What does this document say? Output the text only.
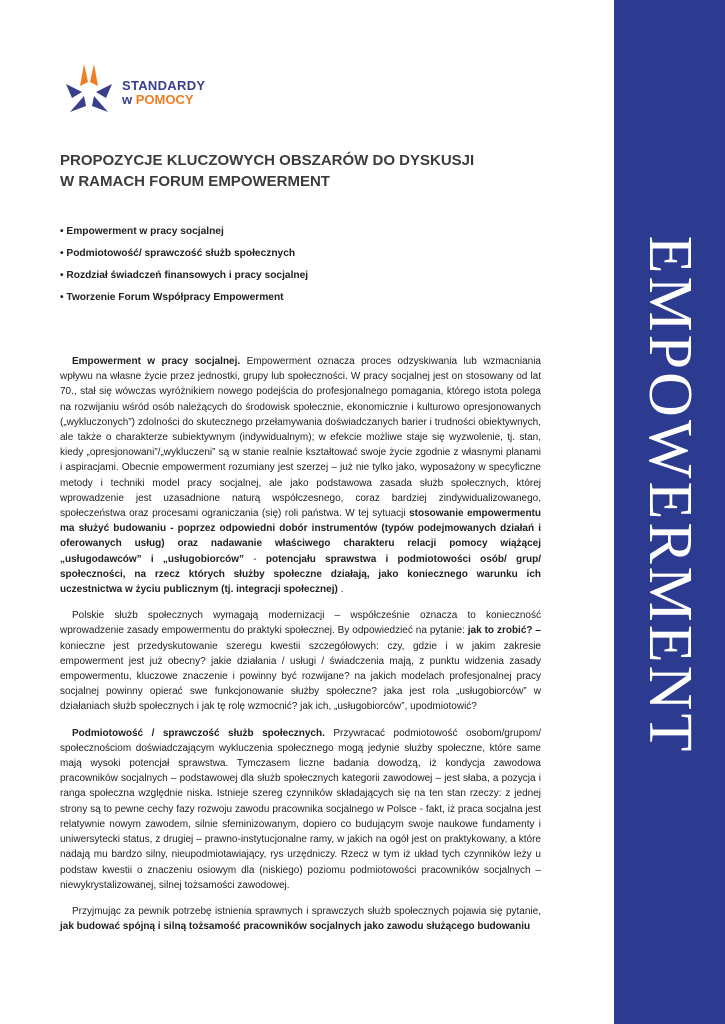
EMPOWERMENT
STANDARDY
w POMOCY
PROPOZYCJE KLUCZOWYCH OBSZARÓW DO DYSKUSJI
W RAMACH FORUM EMPOWERMENT
• Empowerment w pracy socjalnej
• Podmiotowość/ sprawczość służb społecznych
• Rozdział świadczeń finansowych i pracy socjalnej
• Tworzenie Forum Współpracy Empowerment

Empowerment w pracy socjalnej. Empowerment oznacza proces odzyskiwania lub wzmacniania wpływu na własne życie przez jednostki, grupy lub społeczności. W pracy socjalnej jest on stosowany od lat 70., stał się wówczas wyróżnikiem nowego podejścia do profesjonalnego pomagania, którego istota polega na rozwijaniu wśród osób należących do środowisk społecznie, ekonomicznie i kulturowo opresjonowanych („wykluczonych”) zdolności do skutecznego przełamywania doświadczanych barier i trudności obiektywnych, ale także o charakterze subiektywnym (indywidualnym); w efekcie możliwe staje się wyzwolenie, tj. stan, kiedy „opresjonowani”/„wykluczeni” są w stanie realnie kształtować swoje życie zgodnie z własnymi planami i aspiracjami. Obecnie empowerment rozumiany jest szerzej – już nie tylko jako, wyposażony w specyficzne metody i techniki model pracy socjalnej, ale jako podstawowa zasada służb społecznych, której wprowadzenie jest uzasadnione naturą współczesnego, coraz bardziej zindywidualizowanego, społeczeństwa oraz procesami ograniczania (się) roli państwa. W tej sytuacji stosowanie empowermentu ma służyć budowaniu - poprzez odpowiedni dobór instrumentów (typów podejmowanych działań i oferowanych usług) oraz nadawanie właściwego charakteru relacji pomocy wiążącej „usługodawców” i „usługobiorców” - potencjału sprawstwa i podmiotowości osób/ grup/ społeczności, na rzecz których służby społeczne działają, jako koniecznego warunku ich uczestnictwa w życiu publicznym (tj. integracji społecznej) .

Polskie służb społecznych wymagają modernizacji – współcześnie oznacza to konieczność wprowadzenie zasady empowermentu do praktyki społecznej. By odpowiedzieć na pytanie: jak to zrobić? – konieczne jest przedyskutowanie szeregu kwestii szczegółowych: czy, gdzie i w jakim zakresie empowerment jest już obecny? jakie działania / usługi / świadczenia mają, z punktu widzenia zasady empowermentu, kluczowe znaczenie i powinny być rozwijane? na jakich modelach profesjonalnej pracy socjalnej powinny opierać swe funkcjonowanie służby społeczne? jaka jest rola „usługobiorców” w działaniach służb społecznych i jak tę rolę wzmocnić? jak ich, „usługobiorców”, upodmiotowić?

Podmiotowość / sprawczość służb społecznych. Przywracać podmiotowość osobom/grupom/ społecznościom doświadczającym wykluczenia społecznego mogą jedynie służby społeczne, które same mają wysoki potencjał sprawstwa. Tymczasem liczne badania dowodzą, iż kondycja zawodowa pracowników socjalnych – podstawowej dla służb społecznych kategorii zawodowej – jest słaba, a pozycja i ranga społeczna względnie niska. Istnieje szereg czynników składających się na ten stan rzeczy: z jednej strony są to pewne cechy fazy rozwoju zawodu pracownika socjalnego w Polsce - fakt, iż praca socjalna jest relatywnie nowym zawodem, silnie sfeminizowanym, dopiero co budującym swoje naukowe fundamenty i uniwersytecki status, z drugiej – prawno-instytucjonalne ramy, w jakich na ogół jest on praktykowany, a które nadają mu bardzo silny, nieupodmiotawiający, rys urzędniczy. Rzecz w tym iż układ tych czynników leży u podstaw kwestii o znaczeniu osiowym dla (niskiego) poziomu podmiotowości pracowników socjalnych – niewykrystalizowanej, silnej tożsamości zawodowej.

Przyjmując za pewnik potrzebę istnienia sprawnych i sprawczych służb społecznych pojawia się pytanie, jak budować spójną i silną tożsamość pracowników socjalnych jako zawodu służącego budowaniu
